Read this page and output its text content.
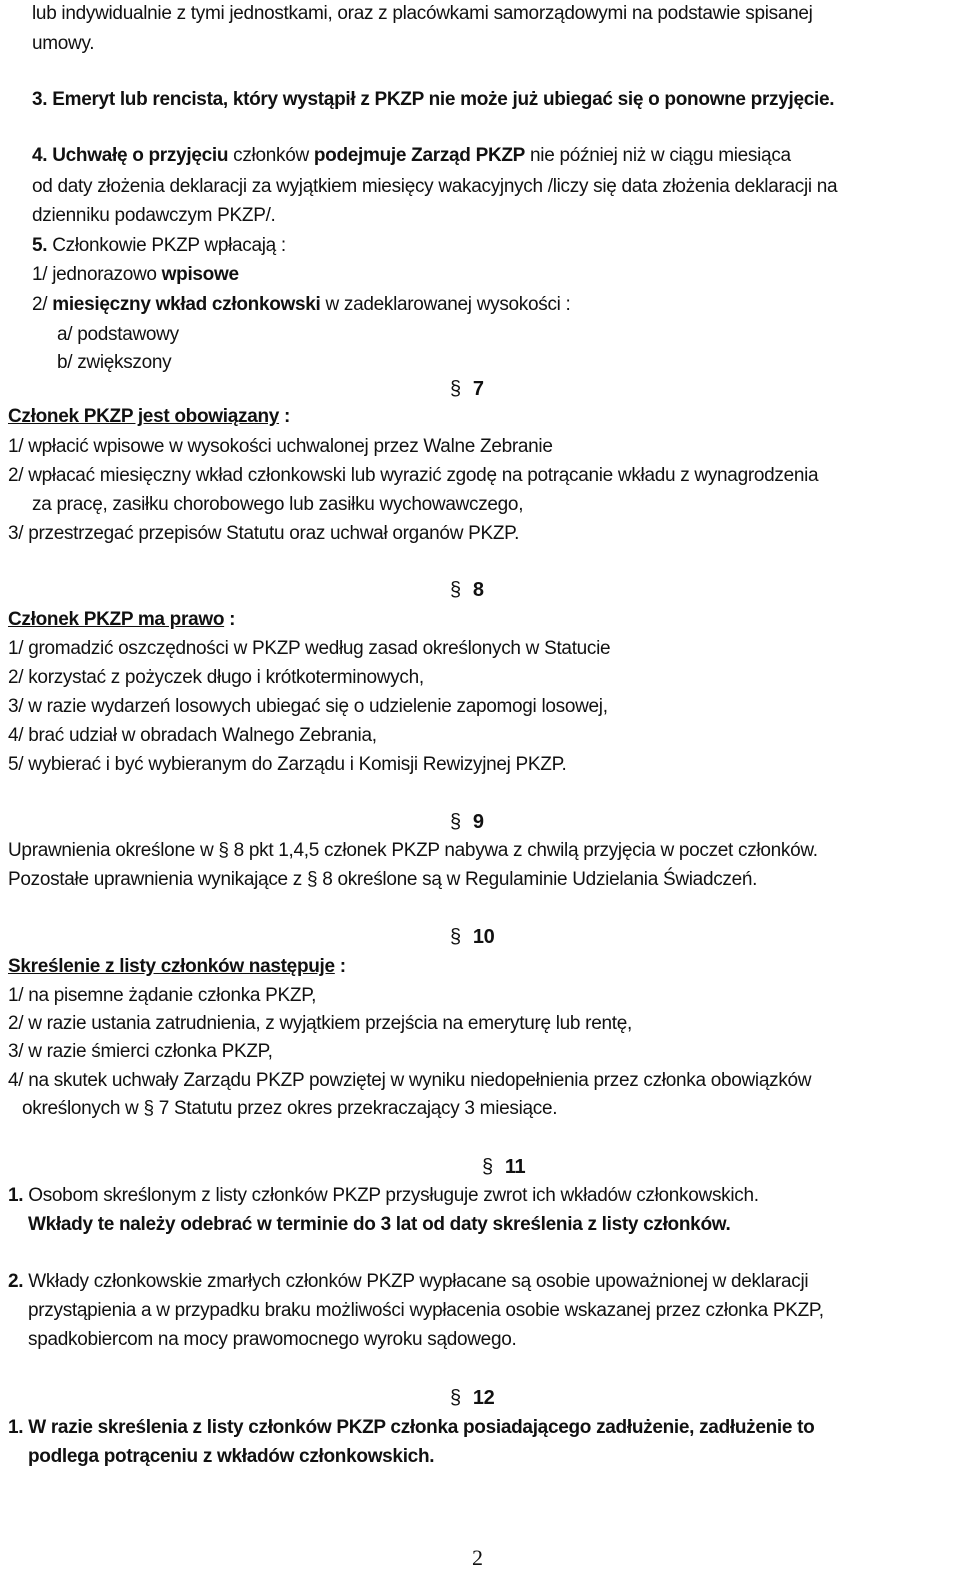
lub indywidualnie z tymi jednostkami, oraz z placówkami samorządowymi na podstawie spisanej
umowy.
3. Emeryt lub rencista, który wystąpił z PKZP nie może już ubiegać się o ponowne przyjęcie.
4. Uchwałę o przyjęciu członków podejmuje Zarząd PKZP nie później niż w ciągu miesiąca
od daty złożenia deklaracji za wyjątkiem miesięcy wakacyjnych /liczy się data złożenia deklaracji na
dzienniku podawczym PKZP/.
5. Członkowie PKZP wpłacają :
1/ jednorazowo wpisowe
2/ miesięczny wkład członkowski w zadeklarowanej wysokości :
a/ podstawowy
b/ zwiększony
§ 7
Członek PKZP jest obowiązany :
1/ wpłacić wpisowe w wysokości uchwalonej przez Walne Zebranie
2/ wpłacać miesięczny wkład członkowski lub wyrazić zgodę na potrącanie wkładu z wynagrodzenia
za pracę, zasiłku chorobowego lub zasiłku wychowawczego,
3/ przestrzegać przepisów Statutu oraz uchwał organów PKZP.
§ 8
Członek PKZP ma prawo :
1/ gromadzić oszczędności w PKZP według zasad określonych w Statucie
2/ korzystać z pożyczek długo i krótkoterminowych,
3/ w razie wydarzeń losowych ubiegać się o udzielenie zapomogi losowej,
4/ brać udział w obradach Walnego Zebrania,
5/ wybierać i być wybieranym do Zarządu i Komisji Rewizyjnej PKZP.
§ 9
Uprawnienia określone w § 8 pkt 1,4,5 członek PKZP nabywa z chwilą przyjęcia w poczet członków.
Pozostałe uprawnienia wynikające z § 8 określone są w Regulaminie Udzielania Świadczeń.
§ 10
Skreślenie z listy członków następuje :
1/ na pisemne żądanie członka PKZP,
2/ w razie ustania zatrudnienia, z wyjątkiem przejścia na emeryturę lub rentę,
3/ w razie śmierci członka PKZP,
4/ na skutek uchwały Zarządu PKZP powziętej w wyniku niedopełnienia przez członka obowiązków
określonych w § 7 Statutu przez okres przekraczający 3 miesiące.
§ 11
1. Osobom skreślonym z listy członków PKZP przysługuje zwrot ich wkładów członkowskich.
Wkłady te należy odebrać w terminie do 3 lat od daty skreślenia z listy członków.
2. Wkłady członkowskie zmarłych członków PKZP wypłacane są osobie upoważnionej w deklaracji
przystąpienia a w przypadku braku możliwości wypłacenia osobie wskazanej przez członka PKZP,
spadkobiercom na mocy prawomocnego wyroku sądowego.
§ 12
1. W razie skreślenia z listy członków PKZP członka posiadającego zadłużenie, zadłużenie to
podlega potrąceniu z wkładów członkowskich.
2
